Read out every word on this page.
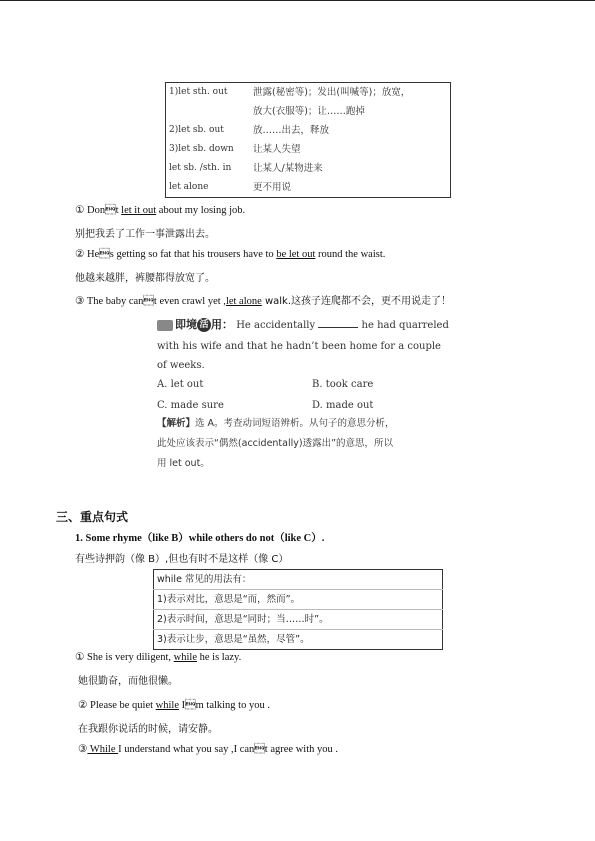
1)let sth. out	泄露(秘密等)；发出(叫喊等)；放宽，
	放大(衣服等)；让……跑掉
2)let sb. out	放……出去，释放
3)let sb. down	让某人失望
let sb. /sth. in	让某人/某物进来
let alone	更不用说
① Dont let it out about my losing job.
别把我丢了工作一事泄露出去。
② Hes getting so fat that his trousers have to be let out round the waist.
他越来越胖，裤腰都得放宽了。
③ The baby cant even crawl yet ,let alone walk.这孩子连爬都不会，更不用说走了！
即境 活 用： He accidentally	he had quarreled
with his wife and that he hadn’t been home for a couple
of weeks.
A. let out	B. took care
C. made sure	D. made out
【解析】选 A。考查动词短语辨析。从句子的意思分析，
此处应该表示“偶然(accidentally)透露出”的意思，所以
用 let out。
三、重点句式
1. Some rhyme（like B）while others do not（like C）.
有些诗押韵（像 B）,但也有时不是这样（像 C）
while 常见的用法有：
1)表示对比，意思是“而，然而”。
2)表示时间，意思是“同时；当……时”。
3)表示让步，意思是“虽然，尽管”。
① She is very diligent, while he is lazy.
她很勤奋，而他很懒。
② Please be quiet while Im talking to you .
在我跟你说话的时候，请安静。
③ While I understand what you say ,I cant agree with you .
